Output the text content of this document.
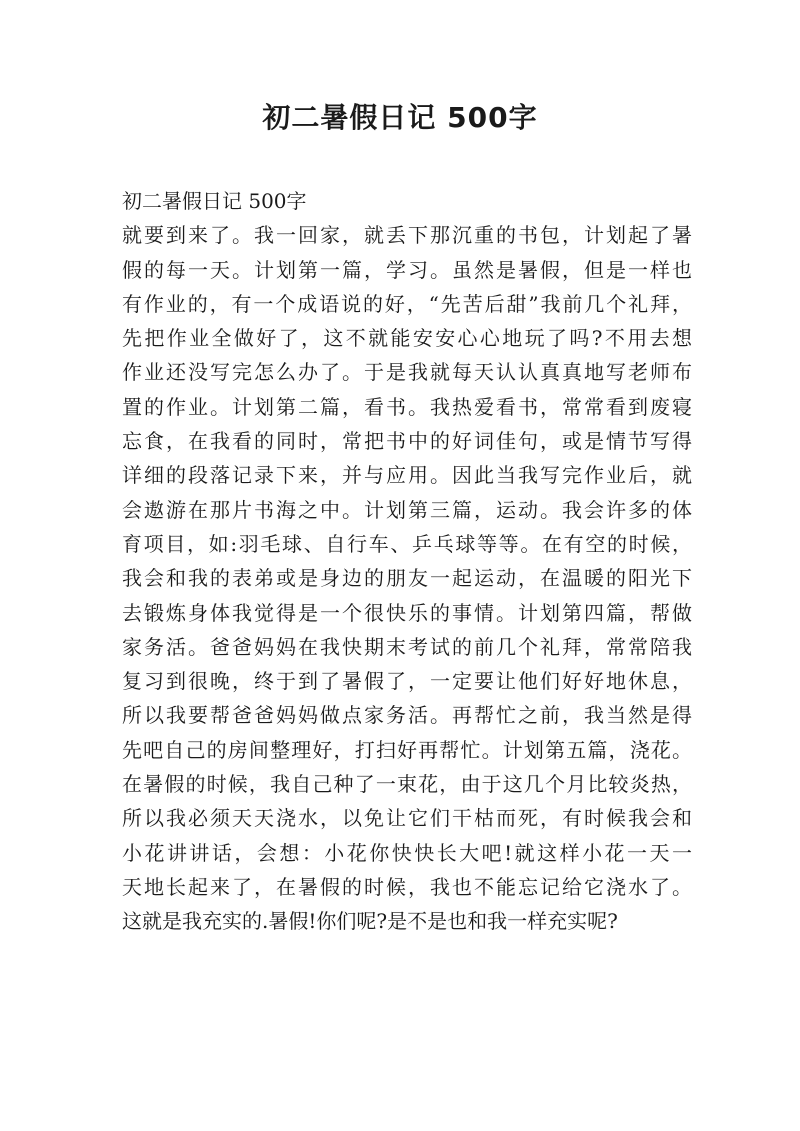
初二暑假日记 500字
初二暑假日记 500字
就要到来了。我一回家，就丢下那沉重的书包，计划起了暑
假的每一天。计划第一篇，学习。虽然是暑假，但是一样也
有作业的，有一个成语说的好，“先苦后甜”我前几个礼拜，
先把作业全做好了，这不就能安安心心地玩了吗?不用去想
作业还没写完怎么办了。于是我就每天认认真真地写老师布
置的作业。计划第二篇，看书。我热爱看书，常常看到废寝
忘食，在我看的同时，常把书中的好词佳句，或是情节写得
详细的段落记录下来，并与应用。因此当我写完作业后，就
会遨游在那片书海之中。计划第三篇，运动。我会许多的体
育项目，如:羽毛球、自行车、乒乓球等等。在有空的时候，
我会和我的表弟或是身边的朋友一起运动，在温暖的阳光下
去锻炼身体我觉得是一个很快乐的事情。计划第四篇，帮做
家务活。爸爸妈妈在我快期末考试的前几个礼拜，常常陪我
复习到很晚，终于到了暑假了，一定要让他们好好地休息，
所以我要帮爸爸妈妈做点家务活。再帮忙之前，我当然是得
先吧自己的房间整理好，打扫好再帮忙。计划第五篇，浇花。
在暑假的时候，我自己种了一束花，由于这几个月比较炎热，
所以我必须天天浇水，以免让它们干枯而死，有时候我会和
小花讲讲话，会想：小花你快快长大吧!就这样小花一天一
天地长起来了，在暑假的时候，我也不能忘记给它浇水了。
这就是我充实的.暑假!你们呢?是不是也和我一样充实呢?
